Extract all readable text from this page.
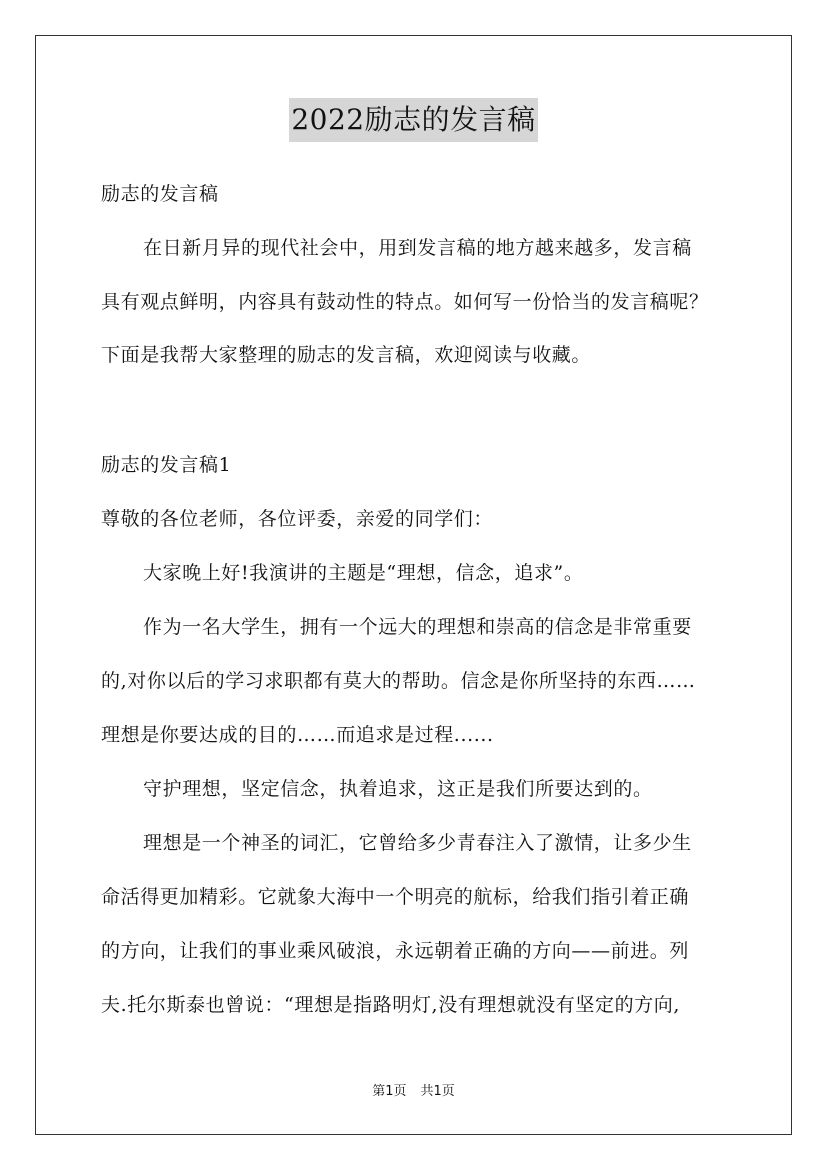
2022励志的发言稿
励志的发言稿
在日新月异的现代社会中，用到发言稿的地方越来越多，发言稿
具有观点鲜明，内容具有鼓动性的特点。如何写一份恰当的发言稿呢？
下面是我帮大家整理的励志的发言稿，欢迎阅读与收藏。
励志的发言稿1
尊敬的各位老师，各位评委，亲爱的同学们：
大家晚上好!我演讲的主题是“理想，信念，追求”。
作为一名大学生，拥有一个远大的理想和崇高的信念是非常重要
的,对你以后的学习求职都有莫大的帮助。信念是你所坚持的东西……
理想是你要达成的目的……而追求是过程......
守护理想，坚定信念，执着追求，这正是我们所要达到的。
理想是一个神圣的词汇，它曾给多少青春注入了激情，让多少生
命活得更加精彩。它就象大海中一个明亮的航标，给我们指引着正确
的方向，让我们的事业乘风破浪，永远朝着正确的方向——前进。列
夫.托尔斯泰也曾说：“理想是指路明灯,没有理想就没有坚定的方向,
第1页 共1页
